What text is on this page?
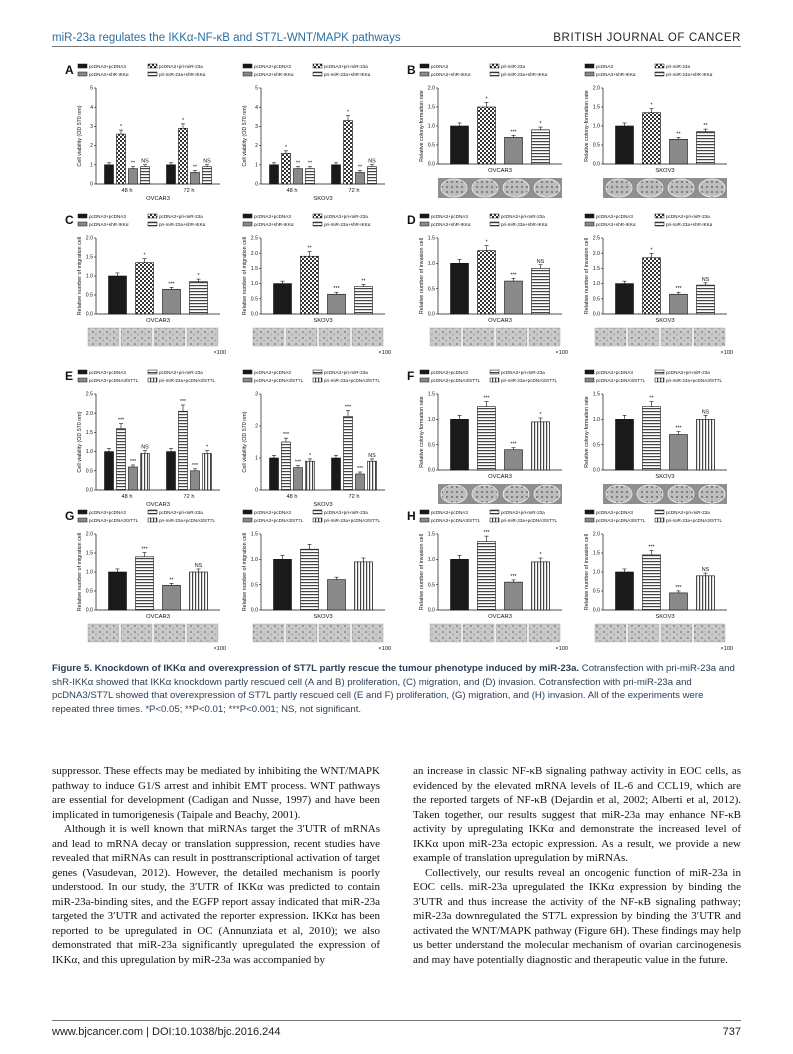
miR-23a regulates the IKKα-NF-κB and ST7L-WNT/MAPK pathways	BRITISH JOURNAL OF CANCER
A	pcDNA3+pcDNA3	pcDNA3+pri-miR-23a
pcDNA3+shR-IKKα	pri-miR-23a+shR-IKKα
0
1
2
3
4
5
Cell viability (OD 570 nm)	*
** NS
48 h
*
**
NS
72 h
OVCAR3
pcDNA3+pcDNA3	pcDNA3+pri-miR-23a
pcDNA3+shR-IKKα	pri-miR-23a+shR-IKKα
0
1
2
3
4
5
Cell viability (OD 570 nm)	*
** **
48 h
*
**
NS
72 h
SKOV3
B	pcDNA3	pri-miR-23a
pcDNA3+shR-IKKα	pri-miR-23a+shR-IKKα
0.0
0.5
1.0
1.5
2.0
Relative colony-formation rate	*
***
*
OVCAR3
pcDNA3	pri-miR-23a
pcDNA3+shR-IKKα	pri-miR-23a+shR-IKKα
0.0
0.5
1.0
1.5
2.0
Relative colony-formation rate	*
**
**
SKOV3
C	pcDNA3+pcDNA3	pcDNA3+pri-miR-23a
pcDNA3+shR-IKKα	pri-miR-23a+shR-IKKα
0.0
0.5
1.0
1.5
2.0
Relative number of migration cell	*
***
*
OVCAR3
×100
pcDNA3+pcDNA3	pcDNA3+pri-miR-23a
pcDNA3+shR-IKKα	pri-miR-23a+shR-IKKα
0.0
0.5
1.0
1.5
2.0
2.5
Relative number of migration cell	**
***
**
SKOV3
×100
D	pcDNA3+pcDNA3	pcDNA3+pri-miR-23a
pcDNA3+shR-IKKα	pri-miR-23a+shR-IKKα
0.0
0.5
1.0
1.5
Relative number of invasion cell	*
***
NS
OVCAR3
×100
pcDNA3+pcDNA3	pcDNA3+pri-miR-23a
pcDNA3+shR-IKKα	pri-miR-23a+shR-IKKα
0.0
0.5
1.0
1.5
2.0
2.5
Relative number of invasion cell	*
***
NS
SKOV3
×100
E	pcDNA3+pcDNA3	pcDNA3+pri-miR-23a
pcDNA3+pcDNA3/ST7L	pri-miR-23a+pcDNA3/ST7L
0.0
0.5
1.0
1.5
2.0
2.5
Cell viability (OD 570 nm)	***
***
NS
48 h
***
***
*
72 h
OVCAR3
pcDNA3+pcDNA3	pcDNA3+pri-miR-23a
pcDNA3+pcDNA3/ST7L	pri-miR-23a+pcDNA3/ST7L
0
1
2
3
Cell viability (OD 570 nm)	***
***
*
48 h
***
***
NS
72 h
SKOV3
F	pcDNA3+pcDNA3	pcDNA3+pri-miR-23a
pcDNA3+pcDNA3/ST7L	pri-miR-23a+pcDNA3/ST7L
0.0
0.5
1.0
1.5
Relative colony-formation rate	***
***
*
OVCAR3
pcDNA3+pcDNA3	pcDNA3+pri-miR-23a
pcDNA3+pcDNA3/ST7L	pri-miR-23a+pcDNA3/ST7L
0.0
0.5
1.0
1.5
Relative colony-formation rate	**
***
NS
SKOV3
G	pcDNA3+pcDNA3	pcDNA3+pri-miR-23a
pcDNA3+pcDNA3/ST7L	pri-miR-23a+pcDNA3/ST7L
0.0
0.5
1.0
1.5
2.0
Relative number of migration cell	***
**
NS
OVCAR3
×100
pcDNA3+pcDNA3	pcDNA3+pri-miR-23a
pcDNA3+pcDNA3/ST7L	pri-miR-23a+pcDNA3/ST7L
0.0
0.5
1.0
1.5
Relative number of migration cell
SKOV3
×100
H	pcDNA3+pcDNA3	pcDNA3+pri-miR-23a
pcDNA3+pcDNA3/ST7L	pri-miR-23a+pcDNA3/ST7L
0.0
0.5
1.0
1.5
Relative number of invasion cell
***
***
*
OVCAR3
×100
pcDNA3+pcDNA3	pcDNA3+pri-miR-23a
pcDNA3+pcDNA3/ST7L	pri-miR-23a+pcDNA3/ST7L
0.0
0.5
1.0
1.5
2.0
Relative number of invasion cell	***
***
NS
SKOV3
×100
Figure 5. Knockdown of IKKα and overexpression of ST7L partly rescue the tumour phenotype induced by miR-23a. Cotransfection with pri-miR-23a and shR-IKKα showed that IKKα knockdown partly rescued cell (A and B) proliferation, (C) migration, and (D) invasion. Cotransfection with pri-miR-23a and pcDNA3/ST7L showed that overexpression of ST7L partly rescued cell (E and F) proliferation, (G) migration, and (H) invasion. All of the experiments were repeated three times. *P<0.05; **P<0.01; ***P<0.001; NS, not significant.

suppressor. These effects may be mediated by inhibiting the WNT/MAPK pathway to induce G1/S arrest and inhibit EMT process. WNT pathways are essential for development (Cadigan and Nusse, 1997) and have been implicated in tumorigenesis (Taipale and Beachy, 2001).

Although it is well known that miRNAs target the 3′UTR of mRNAs and lead to mRNA decay or translation suppression, recent studies have revealed that miRNAs can result in posttranscriptional activation of target genes (Vasudevan, 2012). However, the detailed mechanism is poorly understood. In our study, the 3′UTR of IKKα was predicted to contain miR-23a-binding sites, and the EGFP report assay indicated that miR-23a targeted the 3′UTR and activated the reporter expression. IKKα has been reported to be upregulated in OC (Annunziata et al, 2010); we also demonstrated that miR-23a significantly upregulated the expression of IKKα, and this upregulation by miR-23a was accompanied by

an increase in classic NF-κB signaling pathway activity in EOC cells, as evidenced by the elevated mRNA levels of IL-6 and CCL19, which are the reported targets of NF-κB (Dejardin et al, 2002; Alberti et al, 2012). Taken together, our results suggest that miR-23a may enhance NF-κB activity by upregulating IKKα and demonstrate the increased level of IKKα upon miR-23a ectopic expression. As a result, we provide a new example of translation upregulation by miRNAs.

Collectively, our results reveal an oncogenic function of miR-23a in EOC cells. miR-23a upregulated the IKKα expression by binding the 3′UTR and thus increase the activity of the NF-κB signaling pathway; miR-23a downregulated the ST7L expression by binding the 3′UTR and activated the WNT/MAPK pathway (Figure 6H). These findings may help us better understand the molecular mechanism of ovarian carcinogenesis and may have potentially diagnostic and therapeutic value in the future.

www.bjcancer.com | DOI:10.1038/bjc.2016.244	737
